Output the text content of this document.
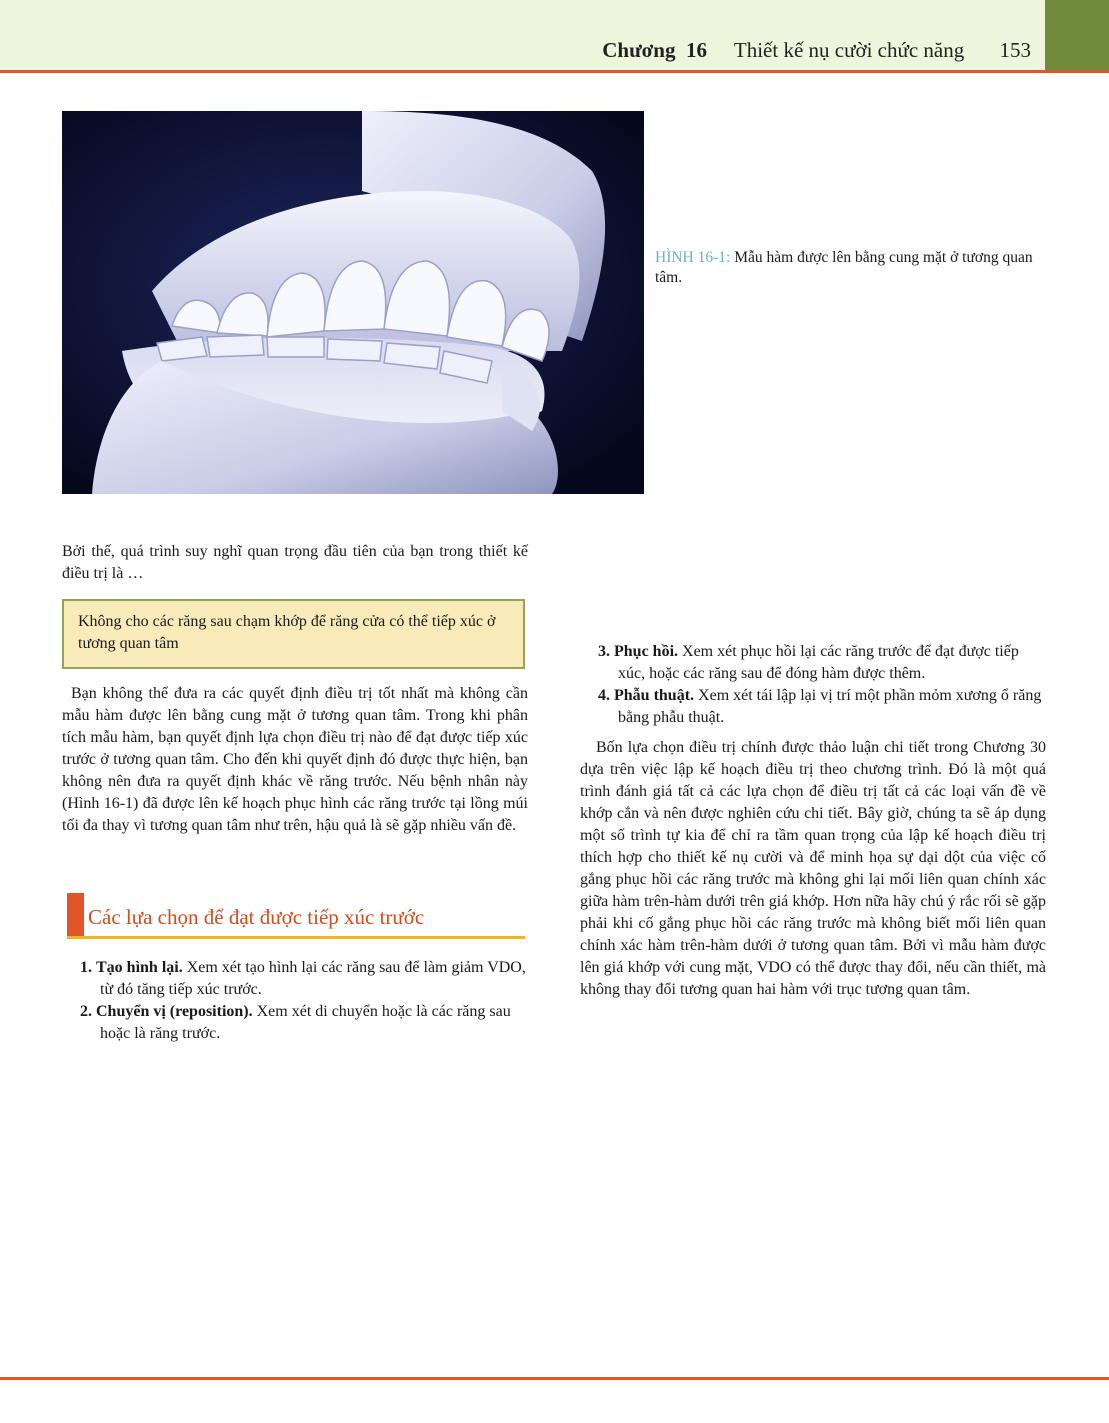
Chương 16 Thiết kế nụ cười chức năng 153
HÌNH 16-1: Mẫu hàm được lên bằng cung mặt ở tương quan tâm.
Bởi thế, quá trình suy nghĩ quan trọng đầu tiên của bạn trong thiết kế điều trị là …
Không cho các răng sau chạm khớp để răng cửa có thể tiếp xúc ở tương quan tâm
Bạn không thể đưa ra các quyết định điều trị tốt nhất mà không cần mẫu hàm được lên bằng cung mặt ở tương quan tâm. Trong khi phân tích mẫu hàm, bạn quyết định lựa chọn điều trị nào để đạt được tiếp xúc trước ở tương quan tâm. Cho đến khi quyết định đó được thực hiện, bạn không nên đưa ra quyết định khác về răng trước. Nếu bệnh nhân này (Hình 16-1) đã được lên kế hoạch phục hình các răng trước tại lồng múi tối đa thay vì tương quan tâm như trên, hậu quả là sẽ gặp nhiều vấn đề.
Các lựa chọn để đạt được tiếp xúc trước
1. Tạo hình lại. Xem xét tạo hình lại các răng sau để làm giảm VDO, từ đó tăng tiếp xúc trước.
2. Chuyển vị (reposition). Xem xét di chuyển hoặc là các răng sau hoặc là răng trước.
3. Phục hồi. Xem xét phục hồi lại các răng trước để đạt được tiếp xúc, hoặc các răng sau để đóng hàm được thêm.
4. Phẫu thuật. Xem xét tái lập lại vị trí một phần mỏm xương ổ răng bằng phẫu thuật.
Bốn lựa chọn điều trị chính được thảo luận chi tiết trong Chương 30 dựa trên việc lập kế hoạch điều trị theo chương trình. Đó là một quá trình đánh giá tất cả các lựa chọn để điều trị tất cả các loại vấn đề về khớp cắn và nên được nghiên cứu chi tiết. Bây giờ, chúng ta sẽ áp dụng một số trình tự kia để chỉ ra tầm quan trọng của lập kế hoạch điều trị thích hợp cho thiết kế nụ cười và để minh họa sự dại dột của việc cố gắng phục hồi các răng trước mà không ghi lại mối liên quan chính xác giữa hàm trên-hàm dưới trên giá khớp. Hơn nữa hãy chú ý rắc rối sẽ gặp phải khi cố gắng phục hồi các răng trước mà không biết mối liên quan chính xác hàm trên-hàm dưới ở tương quan tâm. Bởi vì mẫu hàm được lên giá khớp với cung mặt, VDO có thể được thay đổi, nếu cần thiết, mà không thay đổi tương quan hai hàm với trục tương quan tâm.
